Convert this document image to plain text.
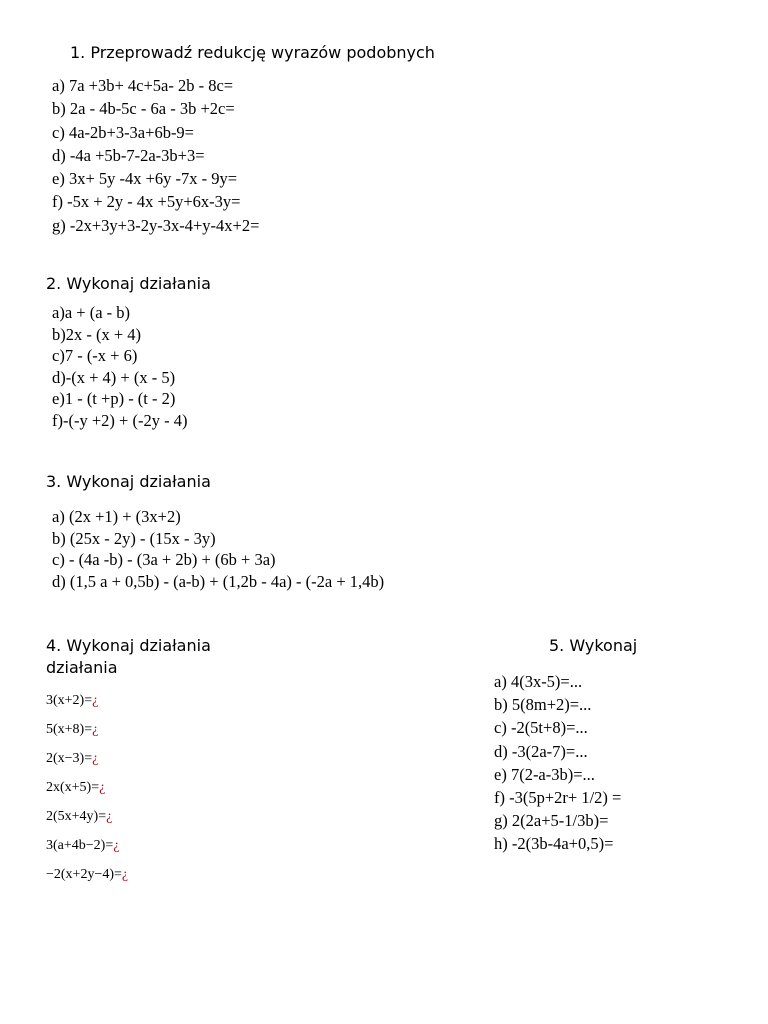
1. Przeprowadź redukcję wyrazów podobnych
a) 7a +3b+ 4c+5a- 2b - 8c=
b) 2a - 4b-5c - 6a - 3b +2c=
c) 4a-2b+3-3a+6b-9=
d) -4a +5b-7-2a-3b+3=
e) 3x+ 5y -4x +6y -7x - 9y=
f) -5x + 2y - 4x +5y+6x-3y=
g) -2x+3y+3-2y-3x-4+y-4x+2=
2. Wykonaj działania
a)a + (a - b)
b)2x - (x + 4)
c)7 - (-x + 6)
d)-(x + 4) + (x - 5)
e)1 - (t +p) - (t - 2)
f)-(-y +2) + (-2y - 4)
3. Wykonaj działania
a) (2x +1) + (3x+2)
b) (25x - 2y) - (15x - 3y)
c) - (4a -b) - (3a + 2b) + (6b + 3a)
d) (1,5 a + 0,5b) - (a-b) + (1,2b - 4a) - (-2a + 1,4b)
4. Wykonaj działania	5. Wykonaj
działania
3(x+2)=¿
5(x+8)=¿
2(x−3)=¿
2x(x+5)=¿
2(5x+4y)=¿
3(a+4b−2)=¿
−2(x+2y−4)=¿
a) 4(3x-5)=...
b) 5(8m+2)=...
c) -2(5t+8)=...
d) -3(2a-7)=...
e) 7(2-a-3b)=...
f) -3(5p+2r+ 1/2) =
g) 2(2a+5-1/3b)=
h) -2(3b-4a+0,5)=
